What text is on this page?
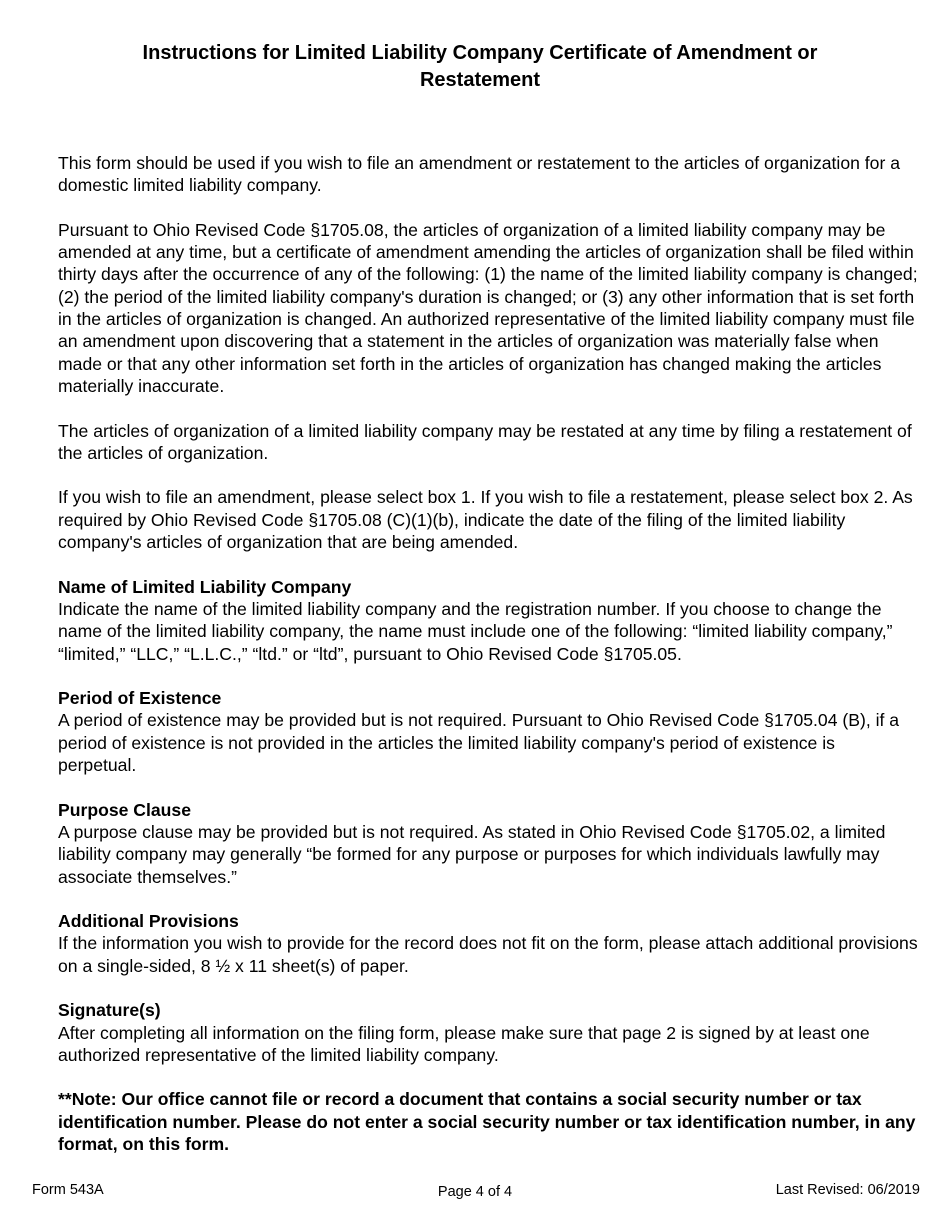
Instructions for Limited Liability Company Certificate of Amendment or Restatement

This form should be used if you wish to file an amendment or restatement to the articles of organization for a domestic limited liability company.

Pursuant to Ohio Revised Code §1705.08, the articles of organization of a limited liability company may be amended at any time, but a certificate of amendment amending the articles of organization shall be filed within thirty days after the occurrence of any of the following: (1) the name of the limited liability company is changed; (2) the period of the limited liability company's duration is changed; or (3) any other information that is set forth in the articles of organization is changed. An authorized representative of the limited liability company must file an amendment upon discovering that a statement in the articles of organization was materially false when made or that any other information set forth in the articles of organization has changed making the articles materially inaccurate.

The articles of organization of a limited liability company may be restated at any time by filing a restatement of the articles of organization.

If you wish to file an amendment, please select box 1. If you wish to file a restatement, please select box 2. As required by Ohio Revised Code §1705.08 (C)(1)(b), indicate the date of the filing of the limited liability company's articles of organization that are being amended.

Name of Limited Liability Company

Indicate the name of the limited liability company and the registration number. If you choose to change the name of the limited liability company, the name must include one of the following: “limited liability company,” “limited,” “LLC,” “L.L.C.,” “ltd.” or “ltd”, pursuant to Ohio Revised Code §1705.05.

Period of Existence

A period of existence may be provided but is not required. Pursuant to Ohio Revised Code §1705.04 (B), if a period of existence is not provided in the articles the limited liability company's period of existence is perpetual.

Purpose Clause

A purpose clause may be provided but is not required. As stated in Ohio Revised Code §1705.02, a limited liability company may generally “be formed for any purpose or purposes for which individuals lawfully may associate themselves.”

Additional Provisions

If the information you wish to provide for the record does not fit on the form, please attach additional provisions on a single-sided, 8 ½ x 11 sheet(s) of paper.

Signature(s)

After completing all information on the filing form, please make sure that page 2 is signed by at least one authorized representative of the limited liability company.

**Note: Our office cannot file or record a document that contains a social security number or tax identification number. Please do not enter a social security number or tax identification number, in any format, on this form.

Form 543A	Page 4 of 4	Last Revised: 06/2019
